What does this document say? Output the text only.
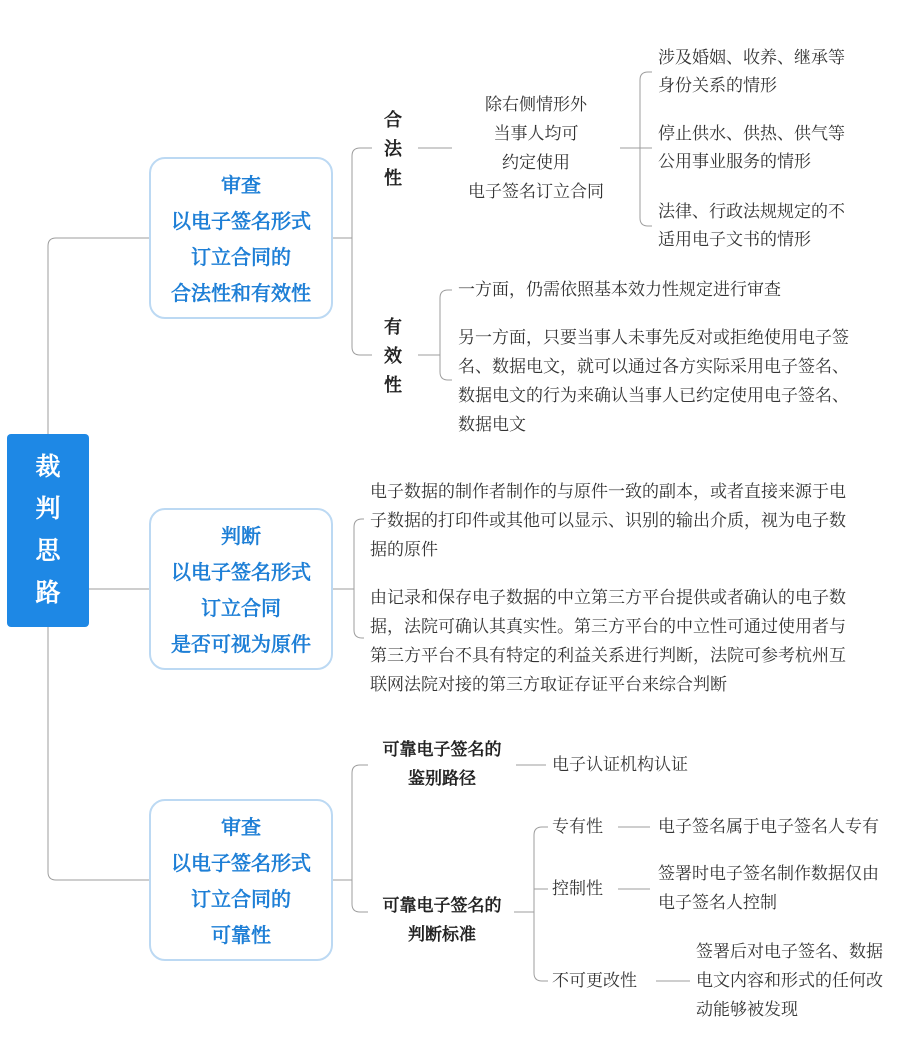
裁
判
思
路
审查
以电子签名形式
订立合同的
合法性和有效性
合
法
性
除右侧情形外
当事人均可
约定使用
电子签名订立合同
涉及婚姻、收养、继承等
身份关系的情形
停止供水、供热、供气等
公用事业服务的情形
法律、行政法规规定的不
适用电子文书的情形
有
效
性
一方面，仍需依照基本效力性规定进行审查
另一方面，只要当事人未事先反对或拒绝使用电子签
名、数据电文，就可以通过各方实际采用电子签名、
数据电文的行为来确认当事人已约定使用电子签名、
数据电文
判断
以电子签名形式
订立合同
是否可视为原件
电子数据的制作者制作的与原件一致的副本，或者直接来源于电
子数据的打印件或其他可以显示、识别的输出介质，视为电子数
据的原件
由记录和保存电子数据的中立第三方平台提供或者确认的电子数
据，法院可确认其真实性。第三方平台的中立性可通过使用者与
第三方平台不具有特定的利益关系进行判断，法院可参考杭州互
联网法院对接的第三方取证存证平台来综合判断
审查
以电子签名形式
订立合同的
可靠性
可靠电子签名的
鉴别路径
电子认证机构认证
可靠电子签名的
判断标准
专有性	电子签名属于电子签名人专有
控制性
签署时电子签名制作数据仅由
电子签名人控制
不可更改性
签署后对电子签名、数据
电文内容和形式的任何改
动能够被发现
